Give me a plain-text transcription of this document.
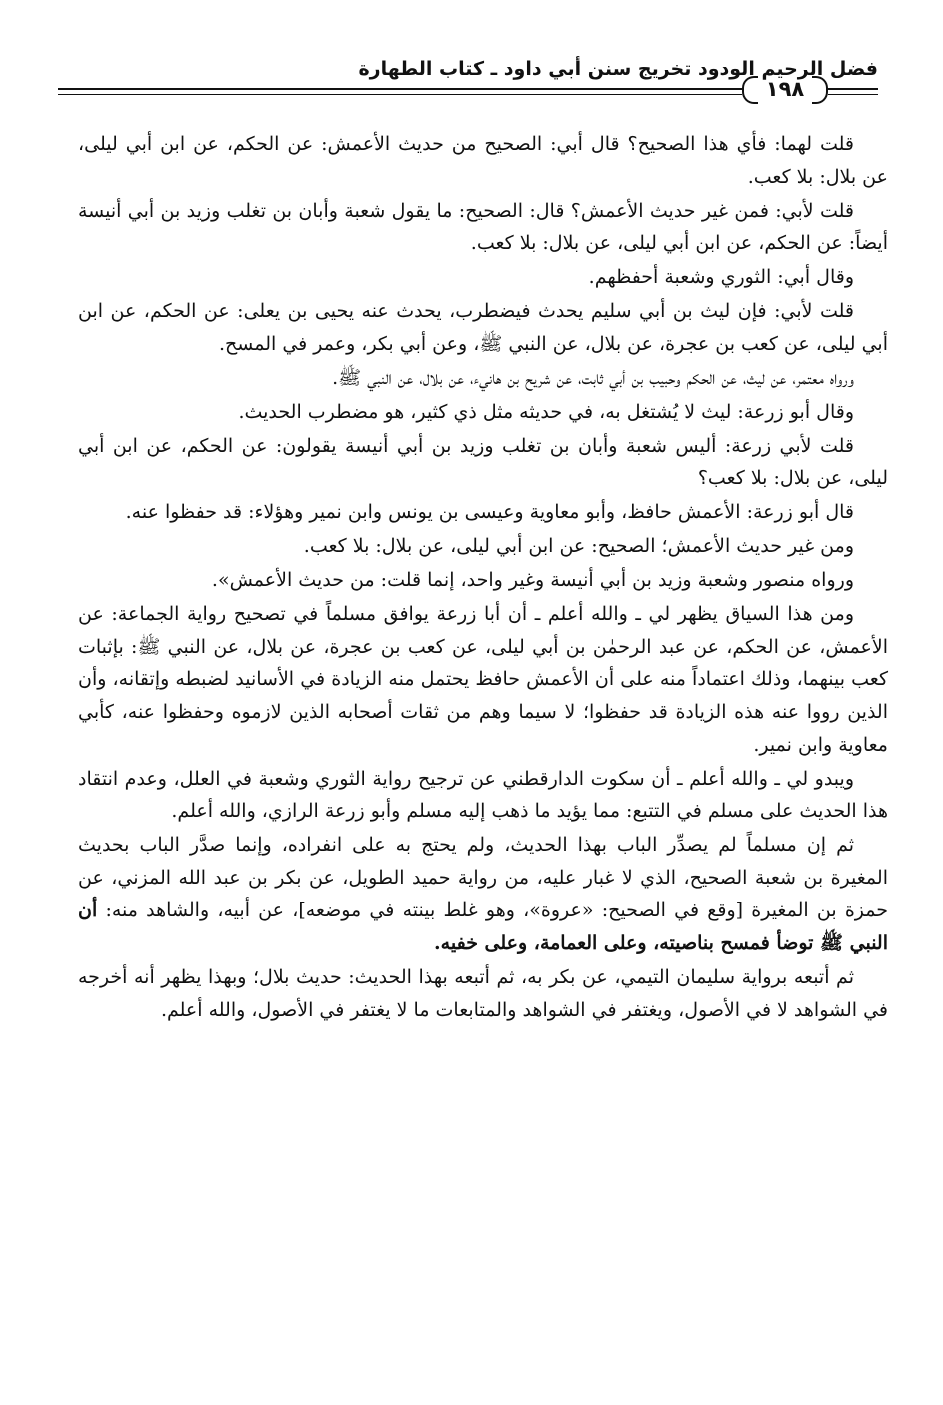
فضل الرحيم الودود تخريج سنن أبي داود ـ كتاب الطهارة
١٩٨

قلت لهما: فأي هذا الصحيح؟ قال أبي: الصحيح من حديث الأعمش: عن الحكم، عن ابن أبي ليلى، عن بلال: بلا كعب.

قلت لأبي: فمن غير حديث الأعمش؟ قال: الصحيح: ما يقول شعبة وأبان بن تغلب وزيد بن أبي أنيسة أيضاً: عن الحكم، عن ابن أبي ليلى، عن بلال: بلا كعب.

وقال أبي: الثوري وشعبة أحفظهم.

قلت لأبي: فإن ليث بن أبي سليم يحدث فيضطرب، يحدث عنه يحيى بن يعلى: عن الحكم، عن ابن أبي ليلى، عن كعب بن عجرة، عن بلال، عن النبي ﷺ، وعن أبي بكر، وعمر في المسح.

ورواه معتمر، عن ليث، عن الحكم وحبيب بن أبي ثابت، عن شريح بن هانيء، عن بلال، عن النبي ﷺ.

وقال أبو زرعة: ليث لا يُشتغل به، في حديثه مثل ذي كثير، هو مضطرب الحديث.

قلت لأبي زرعة: أليس شعبة وأبان بن تغلب وزيد بن أبي أنيسة يقولون: عن الحكم، عن ابن أبي ليلى، عن بلال: بلا كعب؟

قال أبو زرعة: الأعمش حافظ، وأبو معاوية وعيسى بن يونس وابن نمير وهؤلاء: قد حفظوا عنه.

ومن غير حديث الأعمش؛ الصحيح: عن ابن أبي ليلى، عن بلال: بلا كعب.

ورواه منصور وشعبة وزيد بن أبي أنيسة وغير واحد، إنما قلت: من حديث الأعمش».

ومن هذا السياق يظهر لي ـ والله أعلم ـ أن أبا زرعة يوافق مسلماً في تصحيح رواية الجماعة: عن الأعمش، عن الحكم، عن عبد الرحمٰن بن أبي ليلى، عن كعب بن عجرة، عن بلال، عن النبي ﷺ: بإثبات كعب بينهما، وذلك اعتماداً منه على أن الأعمش حافظ يحتمل منه الزيادة في الأسانيد لضبطه وإتقانه، وأن الذين رووا عنه هذه الزيادة قد حفظوا؛ لا سيما وهم من ثقات أصحابه الذين لازموه وحفظوا عنه، كأبي معاوية وابن نمير.

ويبدو لي ـ والله أعلم ـ أن سكوت الدارقطني عن ترجيح رواية الثوري وشعبة في العلل، وعدم انتقاد هذا الحديث على مسلم في التتبع: مما يؤيد ما ذهب إليه مسلم وأبو زرعة الرازي، والله أعلم.

ثم إن مسلماً لم يصدِّر الباب بهذا الحديث، ولم يحتج به على انفراده، وإنما صدَّر الباب بحديث المغيرة بن شعبة الصحيح، الذي لا غبار عليه، من رواية حميد الطويل، عن بكر بن عبد الله المزني، عن حمزة بن المغيرة [وقع في الصحيح: «عروة»، وهو غلط بينته في موضعه]، عن أبيه، والشاهد منه: أن النبي ﷺ توضأ فمسح بناصيته، وعلى العمامة، وعلى خفيه.

ثم أتبعه برواية سليمان التيمي، عن بكر به، ثم أتبعه بهذا الحديث: حديث بلال؛ وبهذا يظهر أنه أخرجه في الشواهد لا في الأصول، ويغتفر في الشواهد والمتابعات ما لا يغتفر في الأصول، والله أعلم.
